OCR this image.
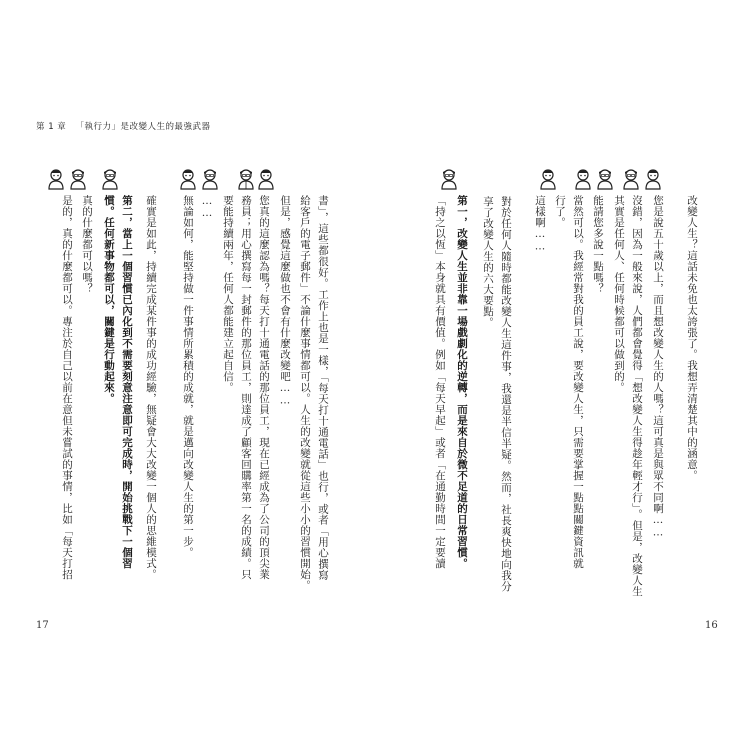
第 1 章 「執行力」是改變人生的最強武器
書」，這些都很好。工作上也是一樣，「每天打十通電話」也行，或者「用心撰寫
給客戶的電子郵件」不論什麼事情都可以。人生的改變就從這些小小的習慣開始。
但是，感覺這麼做也不會有什麼改變吧……
您真的這麼認為嗎？每天打十通電話的那位員工，現在已經成為了公司的頂尖業
務員；用心撰寫每一封郵件的那位員工，則達成了顧客回購率第一名的成績。只
要能持續兩年，任何人都能建立起自信。
……
無論如何，能堅持做一件事情所累積的成就，就是邁向改變人生的第一步。
確實是如此，持續完成某件事的成功經驗，無疑會大大改變一個人的思維模式。
第二，當上一個習慣已內化到不需要刻意注意即可完成時，開始挑戰下一個習
慣。任何新事物都可以，關鍵是行動起來。
真的什麼都可以嗎？
是的，真的什麼都可以。專注於自己以前在意但未嘗試的事情，比如「每天打招
17
改變人生？這話未免也太誇張了。我想弄清楚其中的涵意。
您是說五十歲以上，而且想改變人生的人嗎？這可真是與眾不同啊……
沒錯，因為一般來說，人們都會覺得「想改變人生得趁年輕才行」。但是，改變人生
其實是任何人、任何時候都可以做到的。
能請您多說一點嗎？
當然可以。我經常對我的員工說，要改變人生，只需要掌握一點點關鍵資訊就
行了。
這樣啊……
對於任何人隨時都能改變人生這件事，我還是半信半疑。然而，社長爽快地向我分
享了改變人生的六大要點。
第一，改變人生並非靠一場戲劇化的逆轉，而是來自於微不足道的日常習慣。
「持之以恆」本身就具有價值。例如「每天早起」或者「在通勤時間一定要讀
16
